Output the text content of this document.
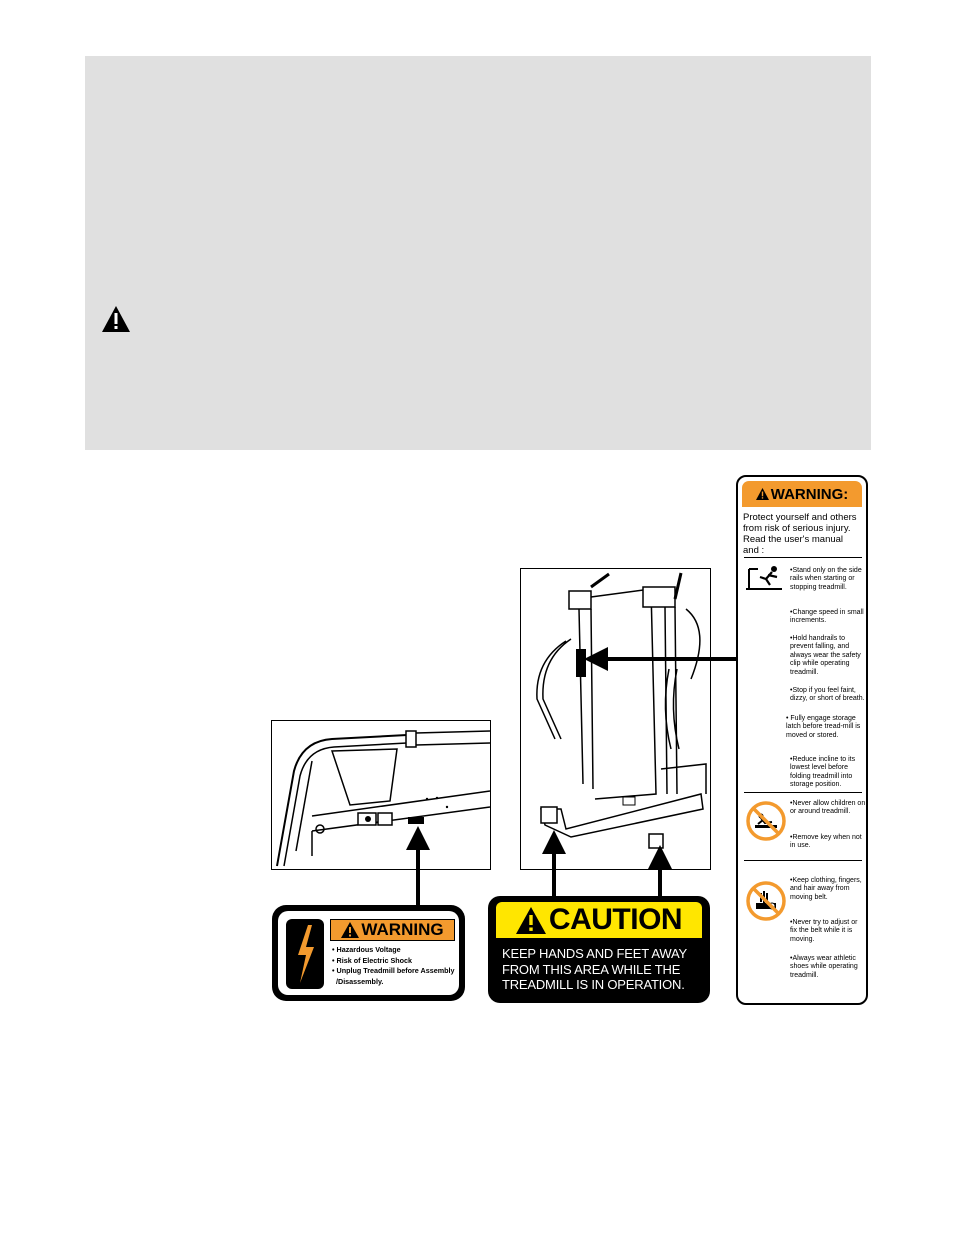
WARNING:
Protect yourself and others from risk of serious injury. Read the user's manual and :
•Stand only on the side rails when starting or stopping treadmill.
•Change speed in small increments.
•Hold handrails to prevent falling, and always wear the safety clip while operating treadmill.
•Stop if you feel faint, dizzy, or short of breath.
• Fully engage storage latch before tread-mill is moved or stored.
•Reduce incline to its lowest level before folding treadmill into storage position.
•Never allow children on or around treadmill.
•Remove key when not in use.
•Keep clothing, fingers, and hair away from moving belt.
•Never try to adjust or fix the belt while it is moving.
•Always wear athletic shoes while operating treadmill.
WARNING
• Hazardous Voltage
• Risk of Electric Shock
• Unplug Treadmill before Assembly
/Disassembly.
CAUTION
KEEP HANDS AND FEET AWAY
FROM THIS AREA WHILE THE
TREADMILL IS IN OPERATION.
